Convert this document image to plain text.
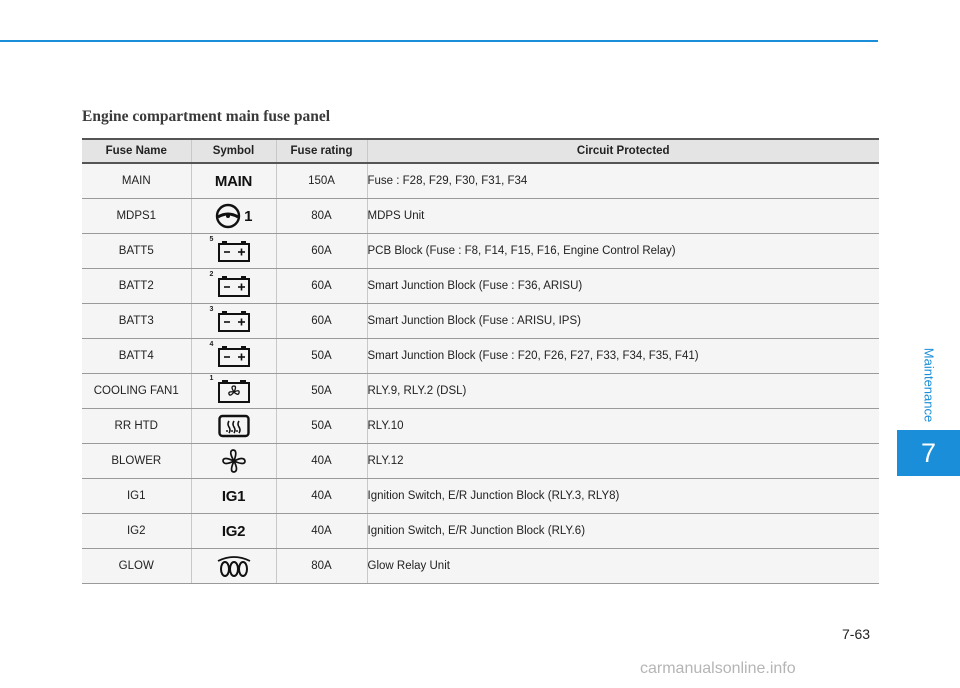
Engine compartment main fuse panel
Fuse Name	Symbol	Fuse rating	Circuit Protected
MAIN	MAIN	150A	Fuse : F28, F29, F30, F31, F34
MDPS1	1	80A	MDPS Unit
BATT5	5	60A	PCB Block (Fuse : F8, F14, F15, F16, Engine Control Relay)
BATT2	2	60A	Smart Junction Block (Fuse : F36, ARISU)
BATT3	3	60A	Smart Junction Block (Fuse : ARISU, IPS)
BATT4	4	50A	Smart Junction Block (Fuse : F20, F26, F27, F33, F34, F35, F41)
COOLING FAN1	1	50A	RLY.9, RLY.2 (DSL)
RR HTD		50A	RLY.10
BLOWER		40A	RLY.12
IG1	IG1	40A	Ignition Switch, E/R Junction Block (RLY.3, RLY8)
IG2	IG2	40A	Ignition Switch, E/R Junction Block (RLY.6)
GLOW		80A	Glow Relay Unit
Maintenance
7
7-63
carmanualsonline.info
